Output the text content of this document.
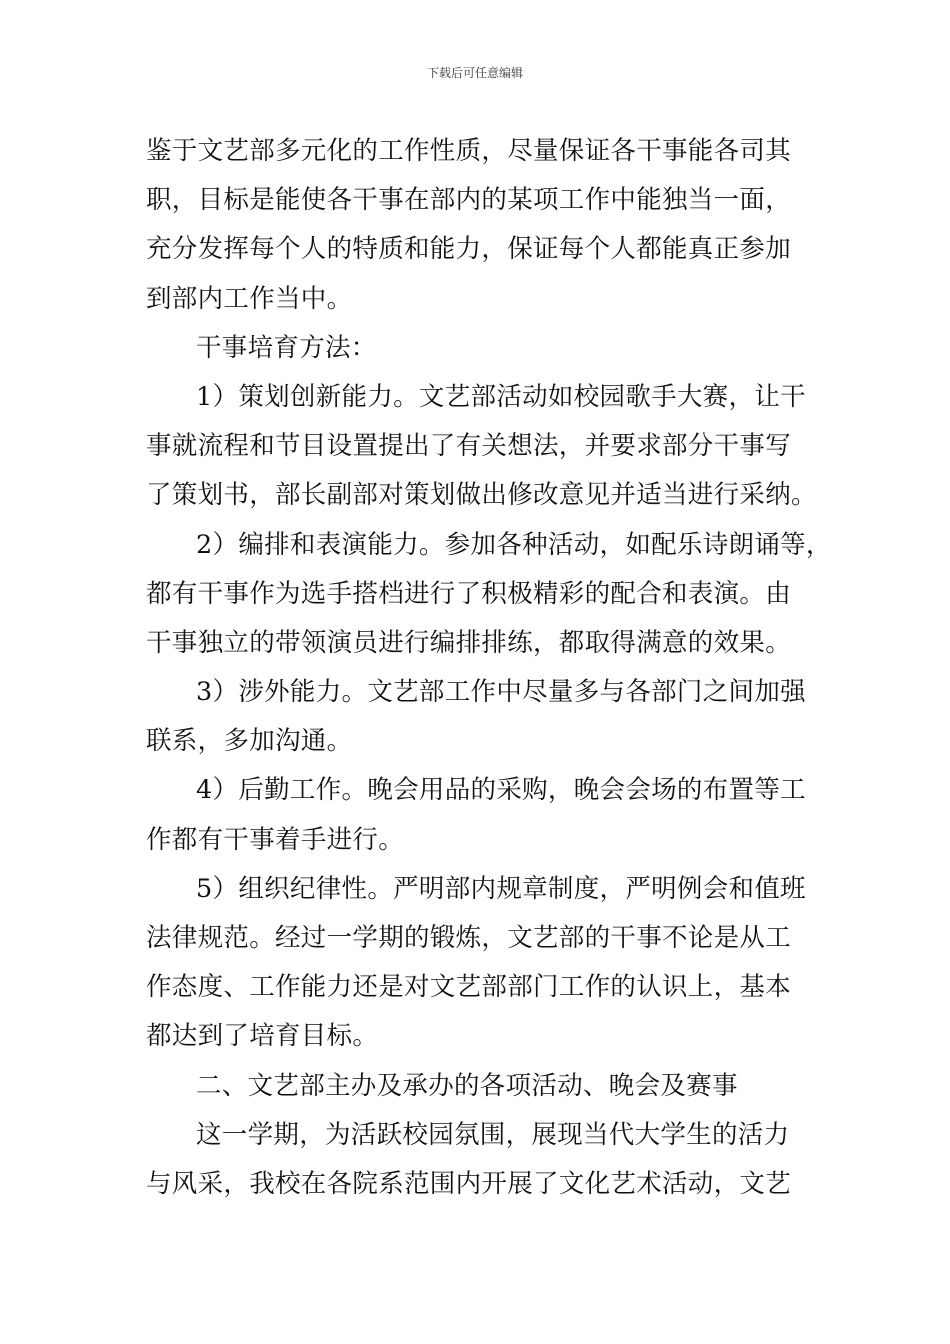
下载后可任意编辑
鉴于文艺部多元化的工作性质，尽量保证各干事能各司其
职，目标是能使各干事在部内的某项工作中能独当一面，
充分发挥每个人的特质和能力，保证每个人都能真正参加
到部内工作当中。
干事培育方法：
1）策划创新能力。文艺部活动如校园歌手大赛，让干
事就流程和节目设置提出了有关想法，并要求部分干事写
了策划书，部长副部对策划做出修改意见并适当进行采纳。
2）编排和表演能力。参加各种活动，如配乐诗朗诵等，
都有干事作为选手搭档进行了积极精彩的配合和表演。由
干事独立的带领演员进行编排排练，都取得满意的效果。
3）涉外能力。文艺部工作中尽量多与各部门之间加强
联系，多加沟通。
4）后勤工作。晚会用品的采购，晚会会场的布置等工
作都有干事着手进行。
5）组织纪律性。严明部内规章制度，严明例会和值班
法律规范。经过一学期的锻炼，文艺部的干事不论是从工
作态度、工作能力还是对文艺部部门工作的认识上，基本
都达到了培育目标。
二、文艺部主办及承办的各项活动、晚会及赛事
这一学期，为活跃校园氛围，展现当代大学生的活力
与风采，我校在各院系范围内开展了文化艺术活动，文艺
